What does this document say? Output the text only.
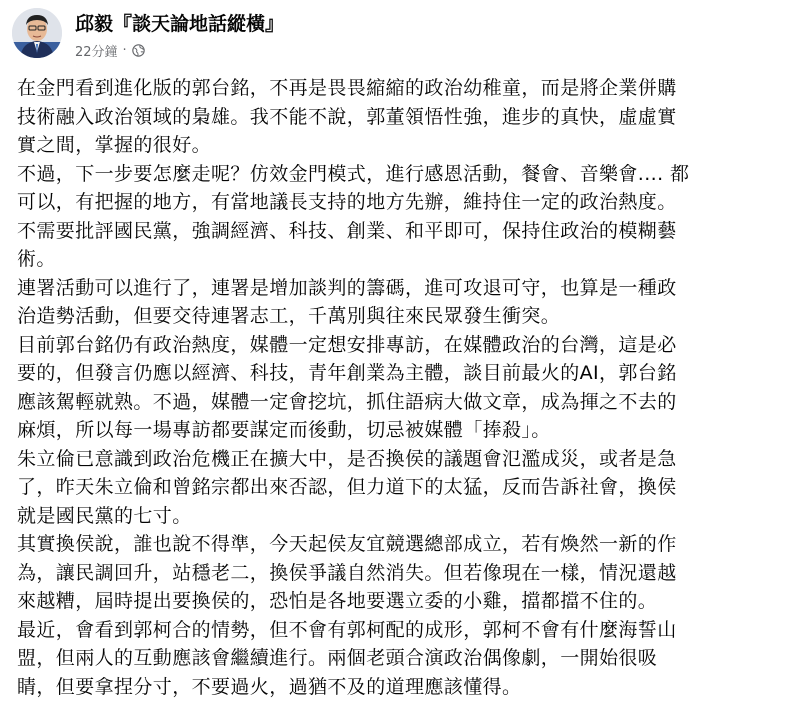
邱毅『談天論地話縱橫』
22分鐘 ·

在金門看到進化版的郭台銘，不再是畏畏縮縮的政治幼稚童，而是將企業併購

技術融入政治領域的梟雄。我不能不說，郭董領悟性強，進步的真快，虛虛實

實之間，掌握的很好。

不過，下一步要怎麼走呢？仿效金門模式，進行感恩活動，餐會、音樂會.... 都

可以，有把握的地方，有當地議長支持的地方先辦，維持住一定的政治熱度。

不需要批評國民黨，強調經濟、科技、創業、和平即可，保持住政治的模糊藝

術。

連署活動可以進行了，連署是增加談判的籌碼，進可攻退可守，也算是一種政

治造勢活動，但要交待連署志工，千萬別與往來民眾發生衝突。

目前郭台銘仍有政治熱度，媒體一定想安排專訪，在媒體政治的台灣，這是必

要的，但發言仍應以經濟、科技，青年創業為主體，談目前最火的AI，郭台銘

應該駕輕就熟。不過，媒體一定會挖坑，抓住語病大做文章，成為揮之不去的

麻煩，所以每一場專訪都要謀定而後動，切忌被媒體「捧殺」。

朱立倫已意識到政治危機正在擴大中，是否換侯的議題會氾濫成災，或者是急

了，昨天朱立倫和曾銘宗都出來否認，但力道下的太猛，反而告訴社會，換侯

就是國民黨的七寸。

其實換侯說，誰也說不得準，今天起侯友宜競選總部成立，若有煥然一新的作

為，讓民調回升，站穩老二，換侯爭議自然消失。但若像現在一樣，情況還越

來越糟，屆時提出要換侯的，恐怕是各地要選立委的小雞，擋都擋不住的。

最近，會看到郭柯合的情勢，但不會有郭柯配的成形，郭柯不會有什麼海誓山

盟，但兩人的互動應該會繼續進行。兩個老頭合演政治偶像劇，一開始很吸

睛，但要拿捏分寸，不要過火，過猶不及的道理應該懂得。
